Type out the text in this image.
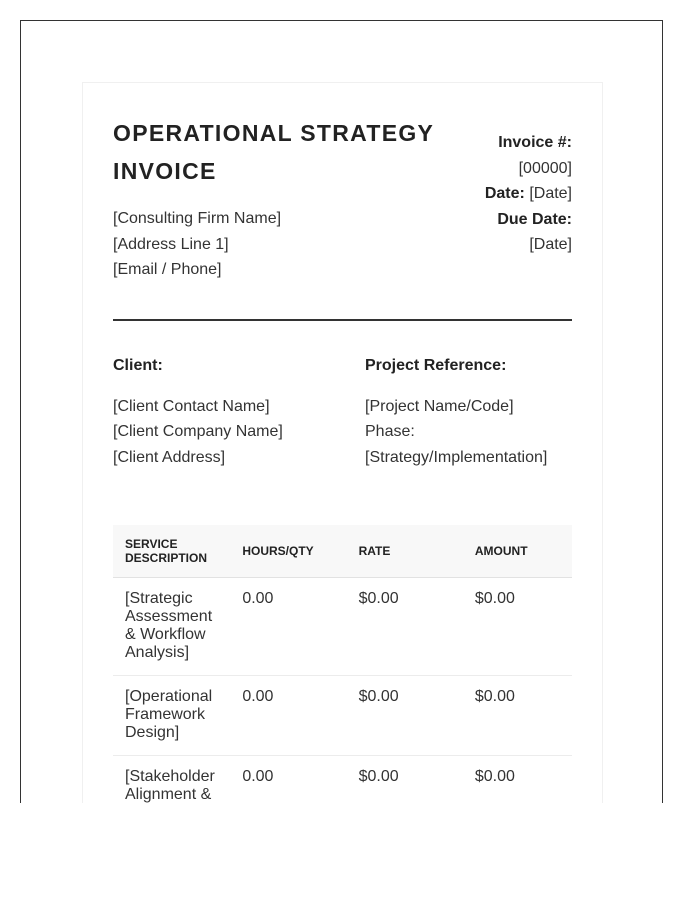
OPERATIONAL STRATEGY INVOICE
[Consulting Firm Name]
[Address Line 1]
[Email / Phone]
Invoice #:
[00000]
Date: [Date]
Due Date:
[Date]
Client:
[Client Contact Name]
[Client Company Name]
[Client Address]
Project Reference:
[Project Name/Code]
Phase:
[Strategy/Implementation]
SERVICE DESCRIPTION	HOURS/QTY	RATE	AMOUNT
[Strategic Assessment & Workflow Analysis]	0.00	$0.00	$0.00
[Operational Framework Design]	0.00	$0.00	$0.00
[Stakeholder Alignment &	0.00	$0.00	$0.00
